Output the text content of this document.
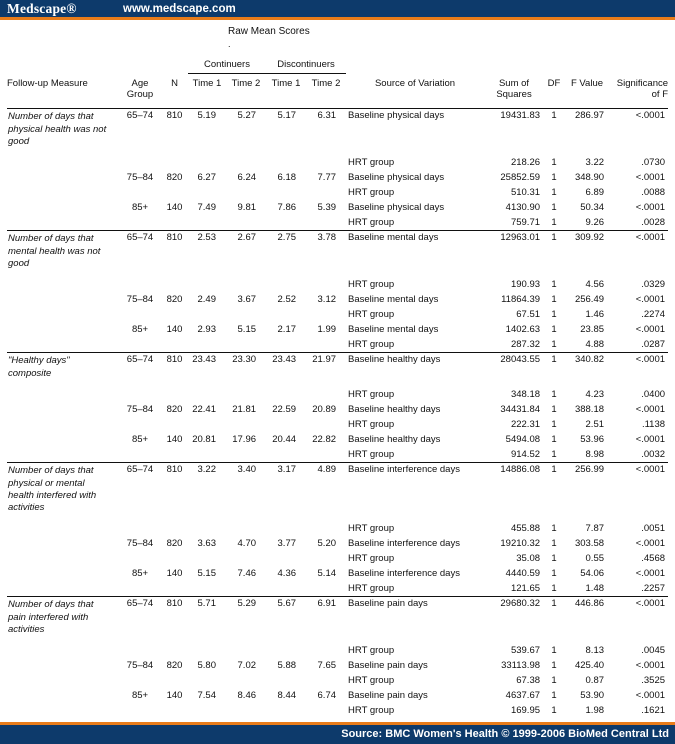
Medscape®	www.medscape.com
Raw Mean Scores
.
			Continuers		Discontinuers						
Follow-up Measure	Age Group	N	Time 1	Time 2	Time 1	Time 2	Source of Variation	Sum of Squares	DF	F Value	Significance of F

Number of days that physical health was not good	65–74	810	5.19	5.27	5.17	6.31	Baseline physical days	19431.83	1	286.97	<.0001
							HRT group	218.26	1	3.22	.0730
	75–84	820	6.27	6.24	6.18	7.77	Baseline physical days	25852.59	1	348.90	<.0001
							HRT group	510.31	1	6.89	.0088
	85+	140	7.49	9.81	7.86	5.39	Baseline physical days	4130.90	1	50.34	<.0001
							HRT group	759.71	1	9.26	.0028

Number of days that mental health was not good	65–74	810	2.53	2.67	2.75	3.78	Baseline mental days	12963.01	1	309.92	<.0001
							HRT group	190.93	1	4.56	.0329
	75–84	820	2.49	3.67	2.52	3.12	Baseline mental days	11864.39	1	256.49	<.0001
							HRT group	67.51	1	1.46	.2274
	85+	140	2.93	5.15	2.17	1.99	Baseline mental days	1402.63	1	23.85	<.0001
							HRT group	287.32	1	4.88	.0287

"Healthy days" composite	65–74	810	23.43	23.30	23.43	21.97	Baseline healthy days	28043.55	1	340.82	<.0001
							HRT group	348.18	1	4.23	.0400
	75–84	820	22.41	21.81	22.59	20.89	Baseline healthy days	34431.84	1	388.18	<.0001
							HRT group	222.31	1	2.51	.1138
	85+	140	20.81	17.96	20.44	22.82	Baseline healthy days	5494.08	1	53.96	<.0001
							HRT group	914.52	1	8.98	.0032

Number of days that physical or mental health interfered with activities	65–74	810	3.22	3.40	3.17	4.89	Baseline interference days	14886.08	1	256.99	<.0001
							HRT group	455.88	1	7.87	.0051
	75–84	820	3.63	4.70	3.77	5.20	Baseline interference days	19210.32	1	303.58	<.0001
							HRT group	35.08	1	0.55	.4568
	85+	140	5.15	7.46	4.36	5.14	Baseline interference days	4440.59	1	54.06	<.0001
							HRT group	121.65	1	1.48	.2257

Number of days that pain interfered with activities	65–74	810	5.71	5.29	5.67	6.91	Baseline pain days	29680.32	1	446.86	<.0001
							HRT group	539.67	1	8.13	.0045
	75–84	820	5.80	7.02	5.88	7.65	Baseline pain days	33113.98	1	425.40	<.0001
							HRT group	67.38	1	0.87	.3525
	85+	140	7.54	8.46	8.44	6.74	Baseline pain days	4637.67	1	53.90	<.0001
							HRT group	169.95	1	1.98	.1621
Source: BMC Women's Health © 1999-2006 BioMed Central Ltd
